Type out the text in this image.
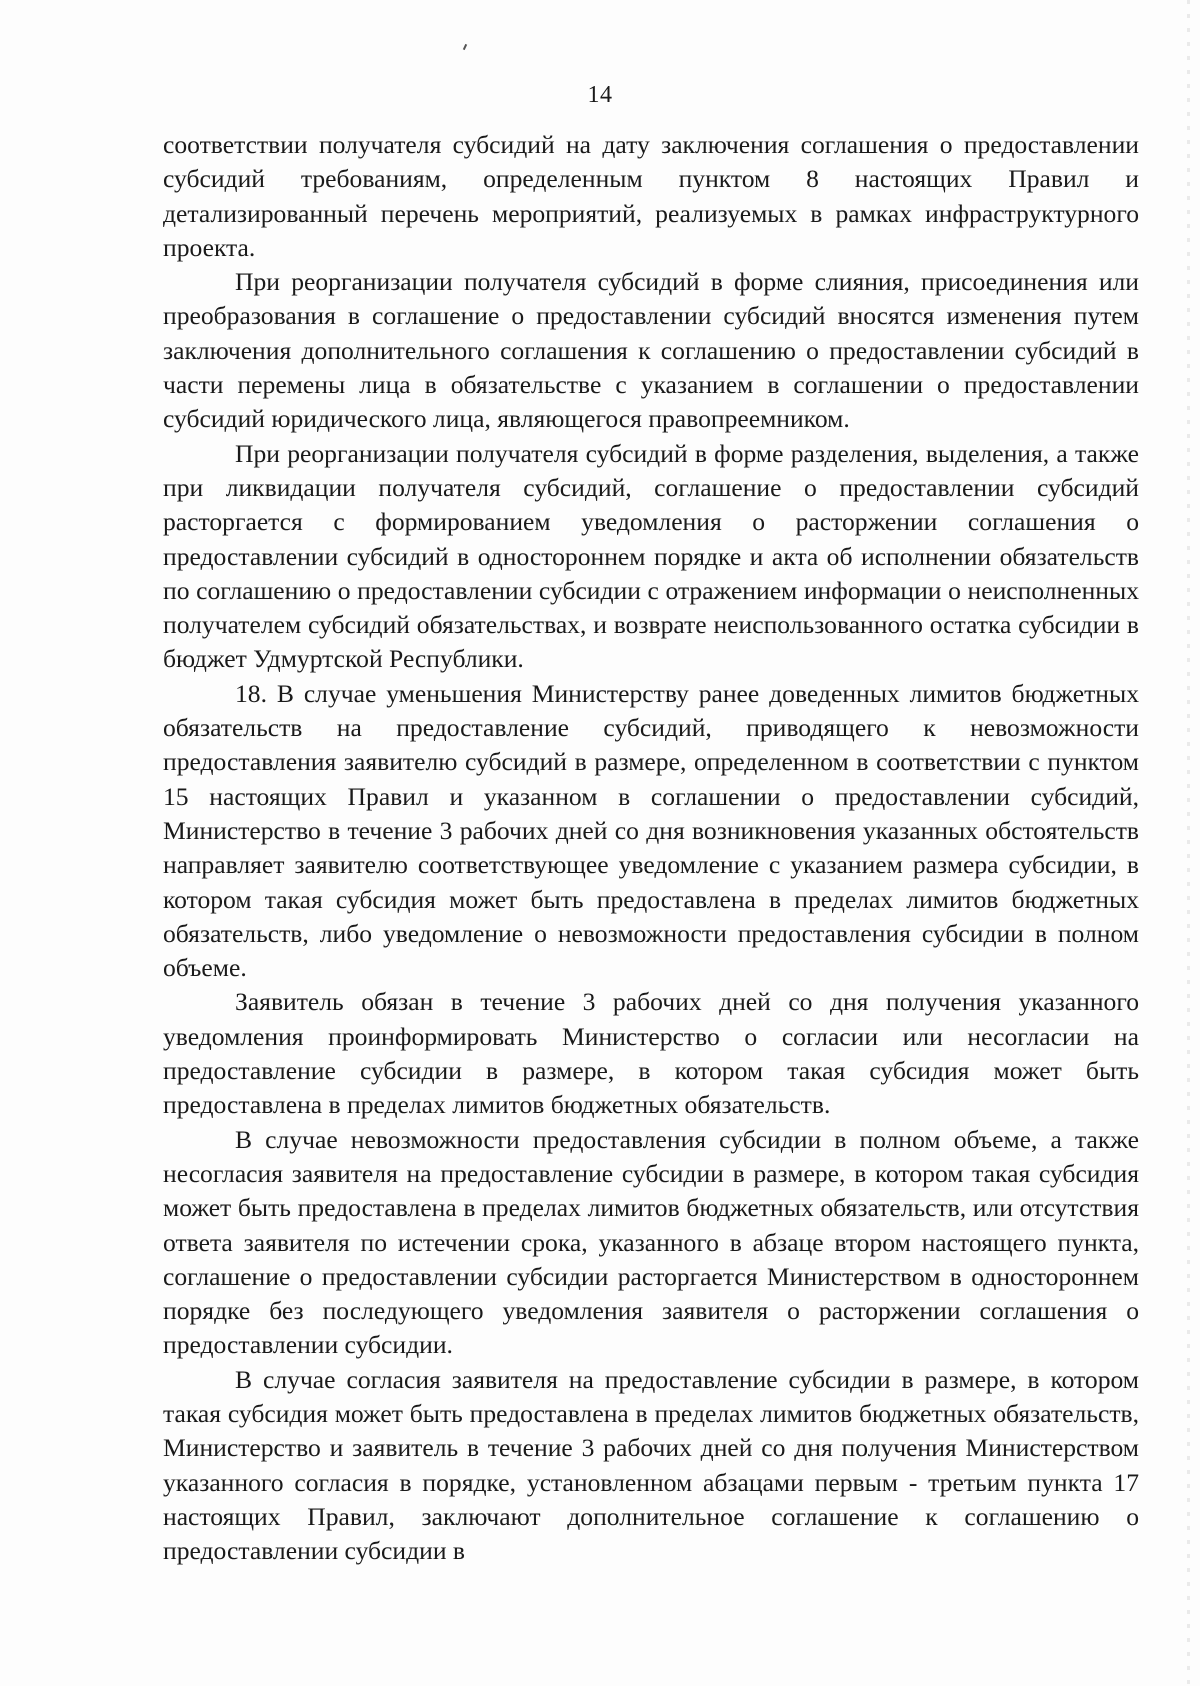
14

соответствии получателя субсидий на дату заключения соглашения о предоставлении субсидий требованиям, определенным пунктом 8 настоящих Правил и детализированный перечень мероприятий, реализуемых в рамках инфраструктурного проекта.

При реорганизации получателя субсидий в форме слияния, присоединения или преобразования в соглашение о предоставлении субсидий вносятся изменения путем заключения дополнительного соглашения к соглашению о предоставлении субсидий в части перемены лица в обязательстве с указанием в соглашении о предоставлении субсидий юридического лица, являющегося правопреемником.

При реорганизации получателя субсидий в форме разделения, выделения, а также при ликвидации получателя субсидий, соглашение о предоставлении субсидий расторгается с формированием уведомления о расторжении соглашения о предоставлении субсидий в одностороннем порядке и акта об исполнении обязательств по соглашению о предоставлении субсидии с отражением информации о неисполненных получателем субсидий обязательствах, и возврате неиспользованного остатка субсидии в бюджет Удмуртской Республики.

18. В случае уменьшения Министерству ранее доведенных лимитов бюджетных обязательств на предоставление субсидий, приводящего к невозможности предоставления заявителю субсидий в размере, определенном в соответствии с пунктом 15 настоящих Правил и указанном в соглашении о предоставлении субсидий, Министерство в течение 3 рабочих дней со дня возникновения указанных обстоятельств направляет заявителю соответствующее уведомление с указанием размера субсидии, в котором такая субсидия может быть предоставлена в пределах лимитов бюджетных обязательств, либо уведомление о невозможности предоставления субсидии в полном объеме.

Заявитель обязан в течение 3 рабочих дней со дня получения указанного уведомления проинформировать Министерство о согласии или несогласии на предоставление субсидии в размере, в котором такая субсидия может быть предоставлена в пределах лимитов бюджетных обязательств.

В случае невозможности предоставления субсидии в полном объеме, а также несогласия заявителя на предоставление субсидии в размере, в котором такая субсидия может быть предоставлена в пределах лимитов бюджетных обязательств, или отсутствия ответа заявителя по истечении срока, указанного в абзаце втором настоящего пункта, соглашение о предоставлении субсидии расторгается Министерством в одностороннем порядке без последующего уведомления заявителя о расторжении соглашения о предоставлении субсидии.

В случае согласия заявителя на предоставление субсидии в размере, в котором такая субсидия может быть предоставлена в пределах лимитов бюджетных обязательств, Министерство и заявитель в течение 3 рабочих дней со дня получения Министерством указанного согласия в порядке, установленном абзацами первым - третьим пункта 17 настоящих Правил, заключают дополнительное соглашение к соглашению о предоставлении субсидии в
